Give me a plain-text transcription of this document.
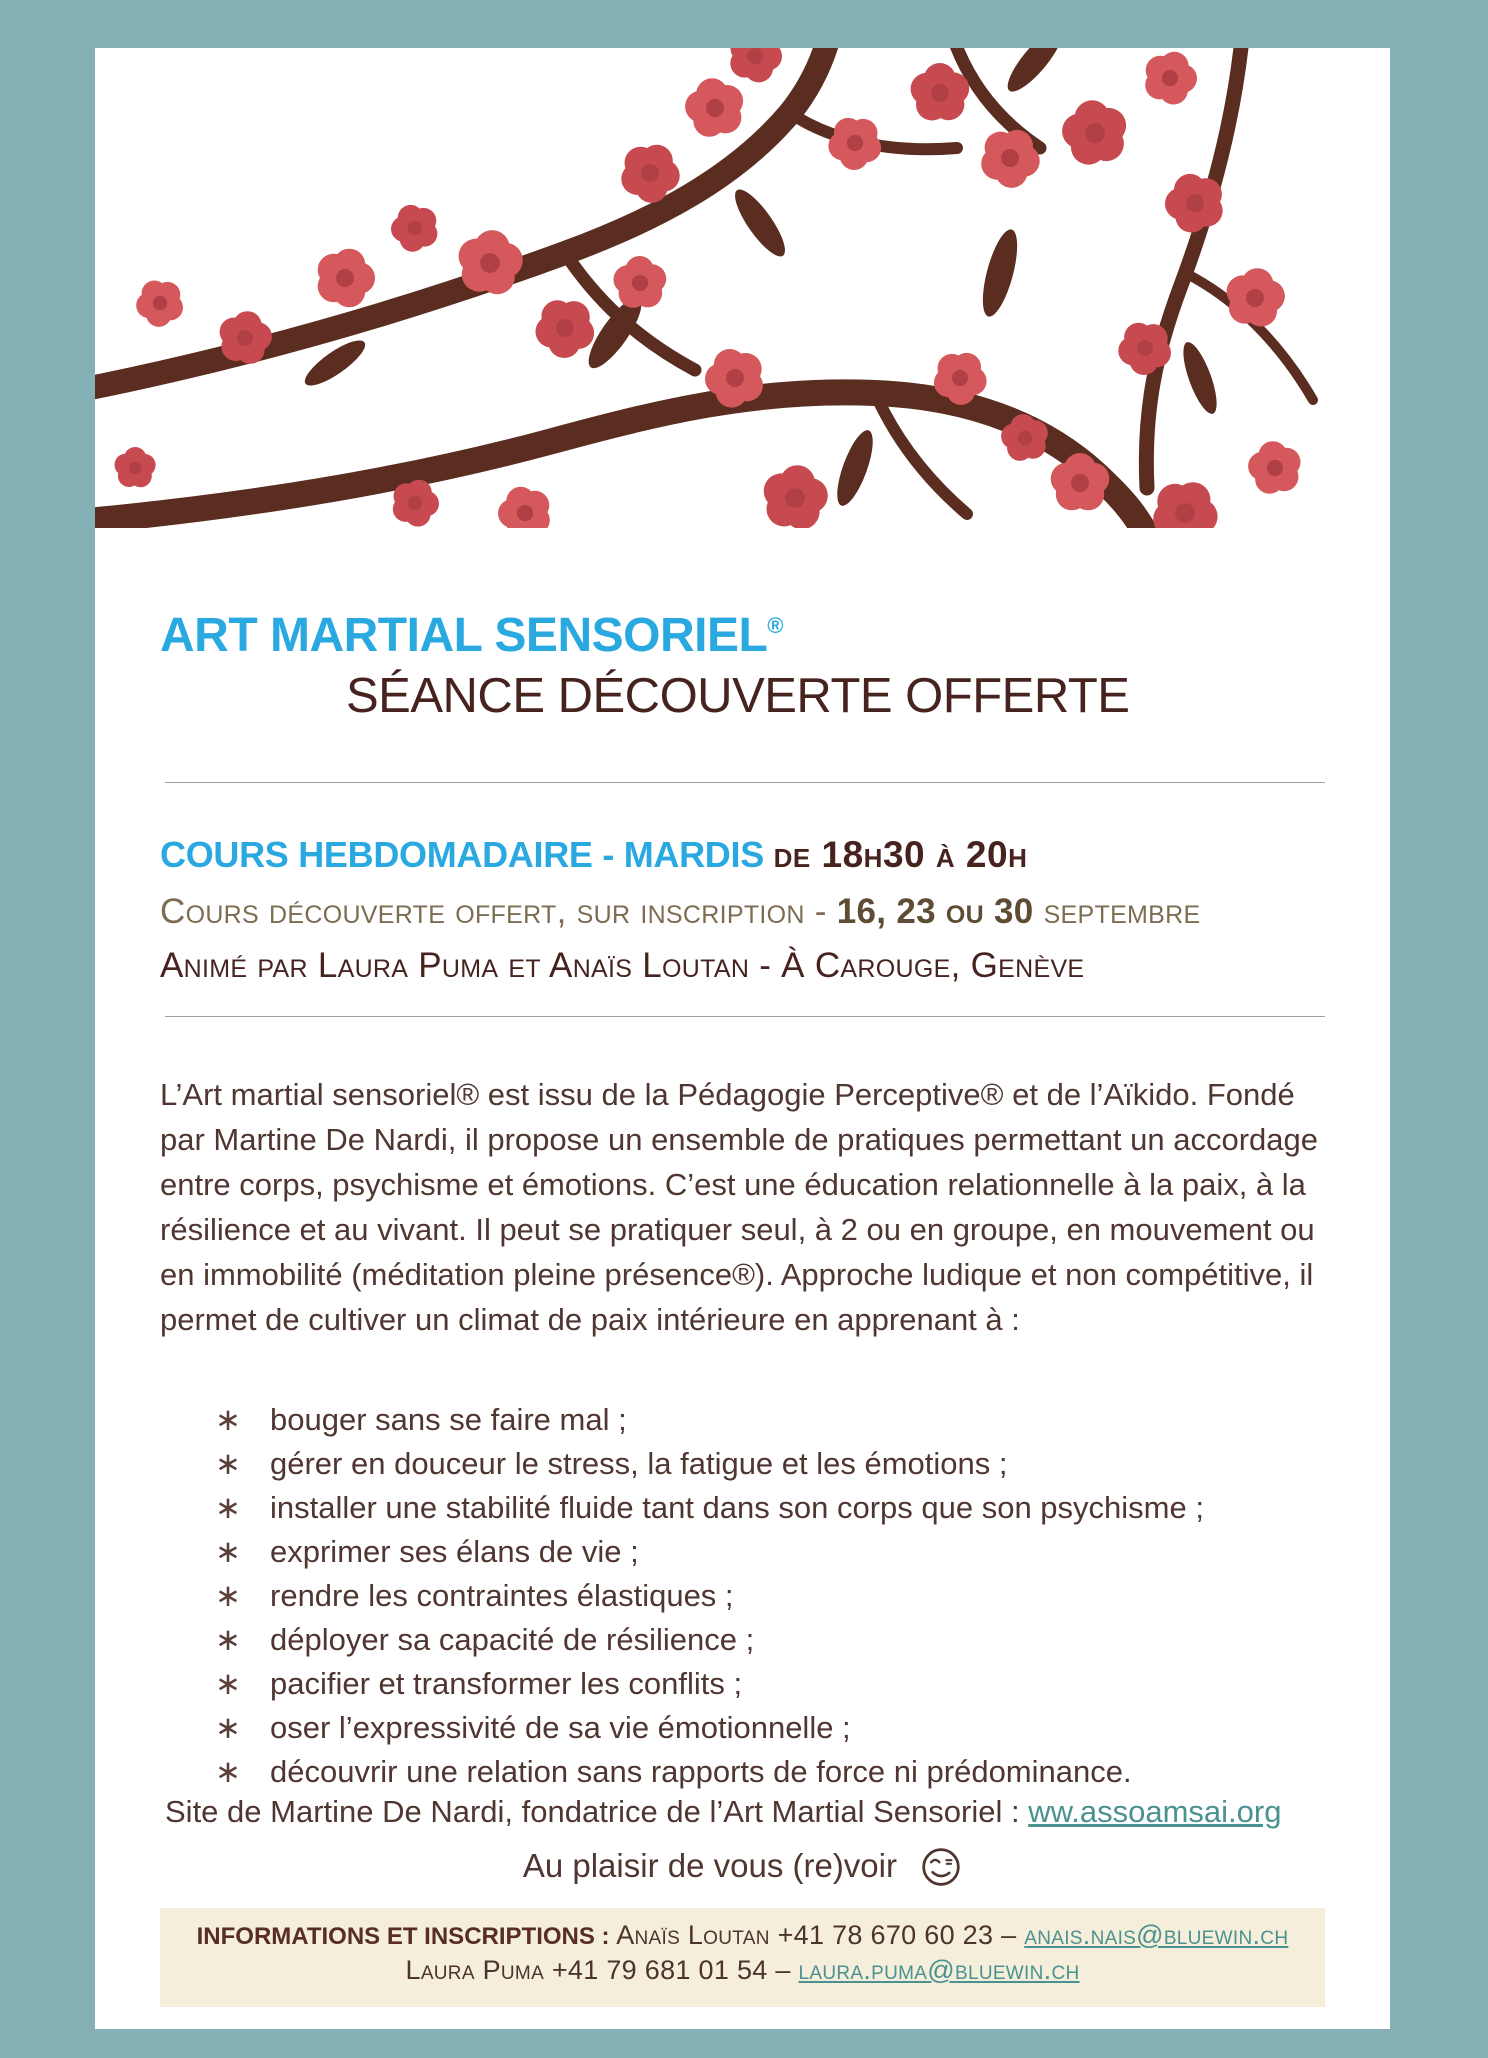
ART MARTIAL SENSORIEL®
SÉANCE DÉCOUVERTE OFFERTE
COURS HEBDOMADAIRE - MARDIS de 18h30 à 20h
Cours découverte offert, sur inscription - 16, 23 ou 30 septembre
Animé par Laura Puma et Anaïs Loutan - À Carouge, Genève
L’Art martial sensoriel® est issu de la Pédagogie Perceptive® et de l’Aïkido. Fondé par Martine De Nardi, il propose un ensemble de pratiques permettant un accordage entre corps, psychisme et émotions. C’est une éducation relationnelle à la paix, à la résilience et au vivant. Il peut se pratiquer seul, à 2 ou en groupe, en mouvement ou en immobilité (méditation pleine présence®). Approche ludique et non compétitive, il permet de cultiver un climat de paix intérieure en apprenant à :
∗ bouger sans se faire mal ;
∗ gérer en douceur le stress, la fatigue et les émotions ;
∗ installer une stabilité fluide tant dans son corps que son psychisme ;
∗ exprimer ses élans de vie ;
∗ rendre les contraintes élastiques ;
∗ déployer sa capacité de résilience ;
∗ pacifier et transformer les conflits ;
∗ oser l’expressivité de sa vie émotionnelle ;
∗ découvrir une relation sans rapports de force ni prédominance.
Site de Martine De Nardi, fondatrice de l’Art Martial Sensoriel : ww.assoamsai.org
Au plaisir de vous (re)voir
INFORMATIONS ET INSCRIPTIONS : Anaïs Loutan +41 78 670 60 23 – anais.nais@bluewin.ch
Laura Puma +41 79 681 01 54 – laura.puma@bluewin.ch
